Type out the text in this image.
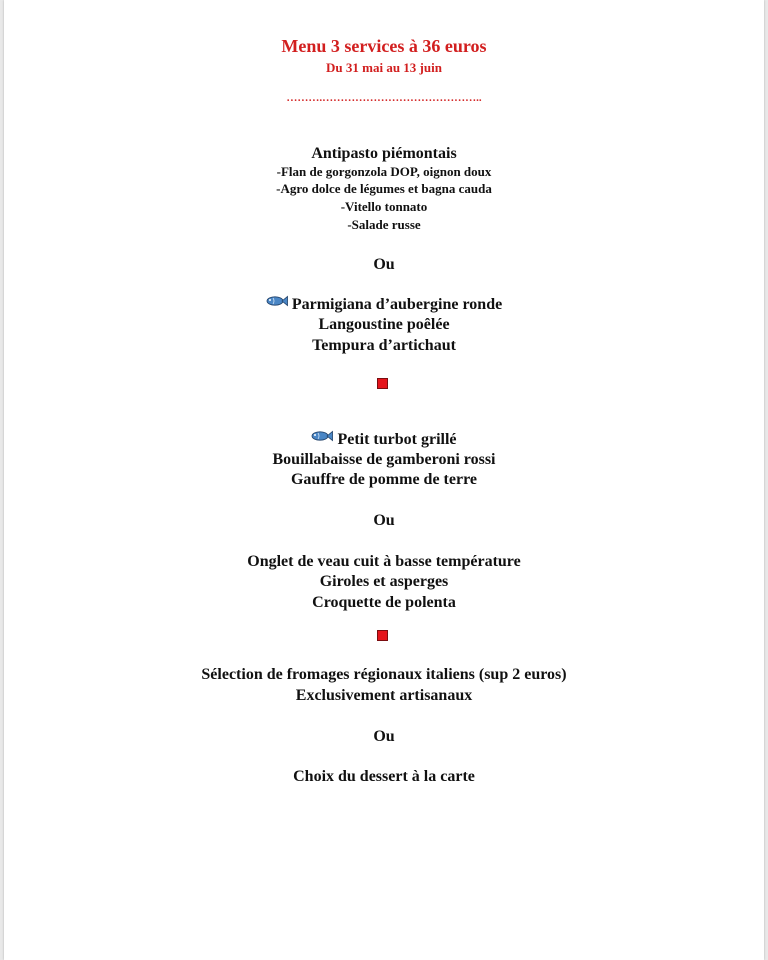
Menu 3 services à 36 euros
Du 31 mai au 13 juin
……….……………………………………..
Antipasto piémontais
-Flan de gorgonzola DOP, oignon doux
-Agro dolce de légumes et bagna cauda
-Vitello tonnato
-Salade russe
Ou
Parmigiana d’aubergine ronde
Langoustine poêlée
Tempura d’artichaut
Petit turbot grillé
Bouillabaisse de gamberoni rossi
Gauffre de pomme de terre
Ou
Onglet de veau cuit à basse température
Giroles et asperges
Croquette de polenta
Sélection de fromages régionaux italiens (sup 2 euros)
Exclusivement artisanaux
Ou
Choix du dessert à la carte
